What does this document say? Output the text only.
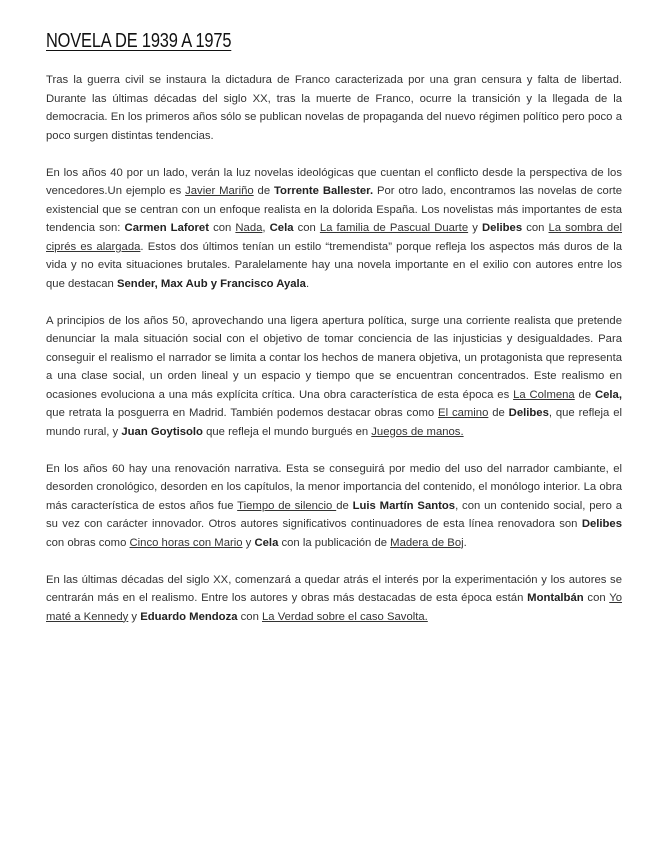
NOVELA DE 1939 A 1975

Tras la guerra civil se instaura la dictadura de Franco caracterizada por una gran censura y falta de libertad. Durante las últimas décadas del siglo XX, tras la muerte de Franco, ocurre la transición y la llegada de la democracia. En los primeros años sólo se publican novelas de propaganda del nuevo régimen político pero poco a poco surgen distintas tendencias.

En los años 40 por un lado, verán la luz novelas ideológicas que cuentan el conflicto desde la perspectiva de los vencedores.Un ejemplo es Javier Mariño de Torrente Ballester. Por otro lado, encontramos las novelas de corte existencial que se centran con un enfoque realista en la dolorida España. Los novelistas más importantes de esta tendencia son: Carmen Laforet con Nada, Cela con La familia de Pascual Duarte y Delibes con La sombra del ciprés es alargada. Estos dos últimos tenían un estilo “tremendista” porque refleja los aspectos más duros de la vida y no evita situaciones brutales. Paralelamente hay una novela importante en el exilio con autores entre los que destacan Sender, Max Aub y Francisco Ayala.

A principios de los años 50, aprovechando una ligera apertura política, surge una corriente realista que pretende denunciar la mala situación social con el objetivo de tomar conciencia de las injusticias y desigualdades. Para conseguir el realismo el narrador se limita a contar los hechos de manera objetiva, un protagonista que representa a una clase social, un orden lineal y un espacio y tiempo que se encuentran concentrados. Este realismo en ocasiones evoluciona a una más explícita crítica. Una obra característica de esta época es La Colmena de Cela, que retrata la posguerra en Madrid. También podemos destacar obras como El camino de Delibes, que refleja el mundo rural, y Juan Goytisolo que refleja el mundo burgués en Juegos de manos.

En los años 60 hay una renovación narrativa. Esta se conseguirá por medio del uso del narrador cambiante, el desorden cronológico, desorden en los capítulos, la menor importancia del contenido, el monólogo interior. La obra más característica de estos años fue Tiempo de silencio de Luis Martín Santos, con un contenido social, pero a su vez con carácter innovador. Otros autores significativos continuadores de esta línea renovadora son Delibes con obras como Cinco horas con Mario y Cela con la publicación de Madera de Boj.

En las últimas décadas del siglo XX, comenzará a quedar atrás el interés por la experimentación y los autores se centrarán más en el realismo. Entre los autores y obras más destacadas de esta época están Montalbán con Yo maté a Kennedy y Eduardo Mendoza con La Verdad sobre el caso Savolta.
